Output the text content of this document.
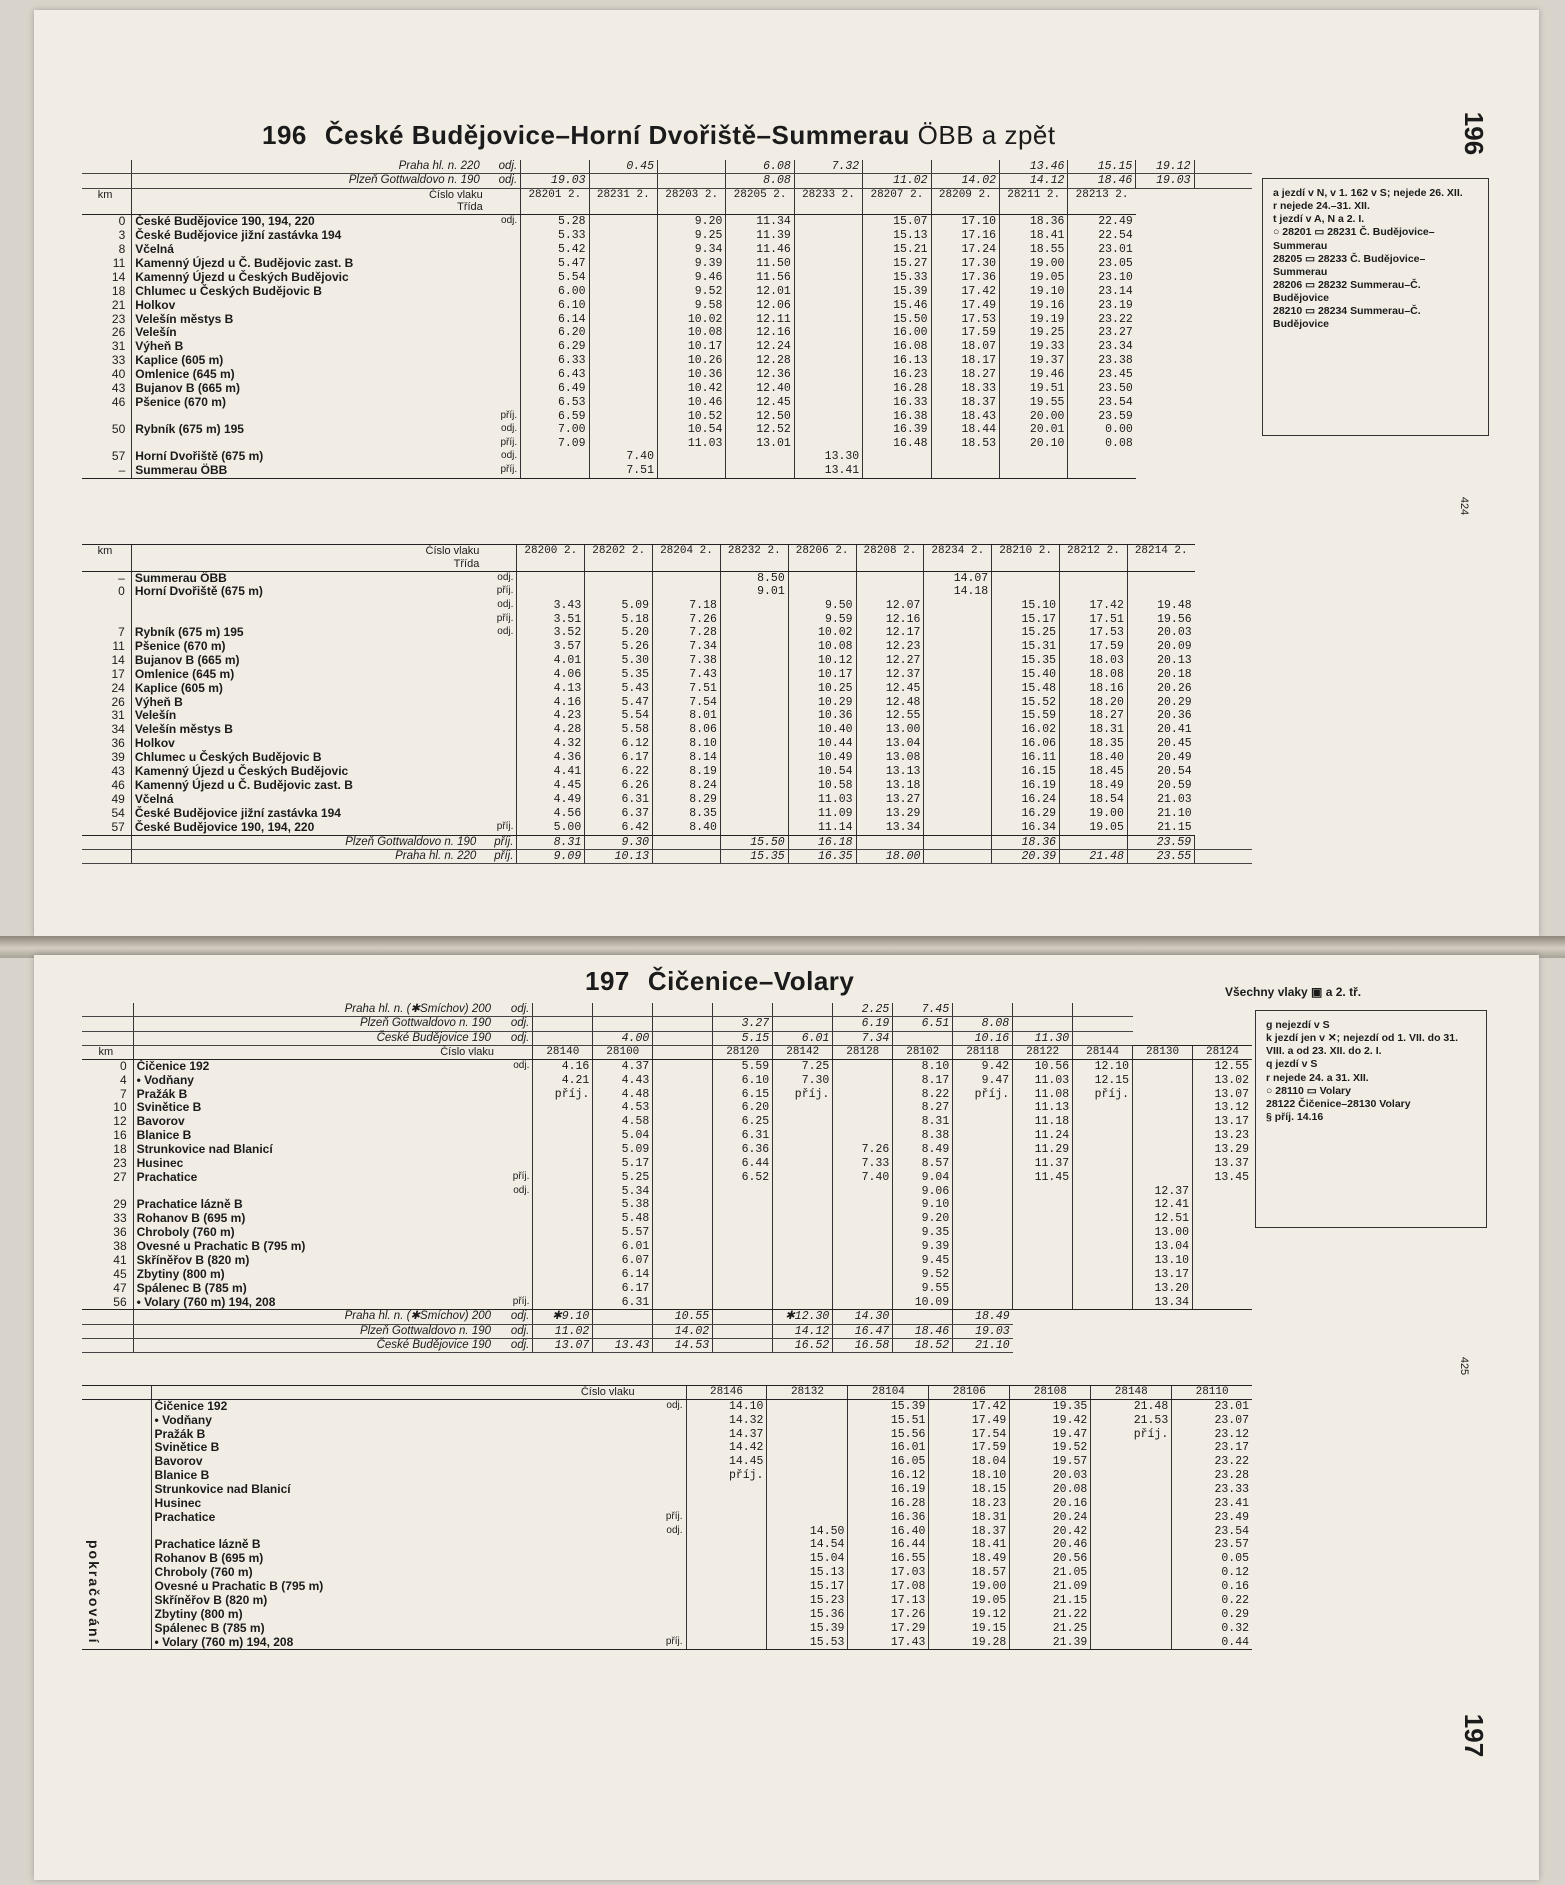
196 České Budějovice–Horní Dvořiště–Summerau ÖBB a zpět	196
424
	Praha hl. n. 220	odj.		0.45		6.08	7.32			13.46	15.15	19.12	
	Plzeň Gottwaldovo n. 190	odj.	19.03			8.08		11.02	14.02	14.12	18.46	19.03	
km	Číslo vlaku
Třída		28201 2.	28231 2.	28203 2.	28205 2.	28233 2.	28207 2.	28209 2.	28211 2.	28213 2.		
0	České Budějovice 190, 194, 220	odj.	5.28		9.20	11.34		15.07	17.10	18.36	22.49		
3	České Budějovice jižní zastávka 194		5.33		9.25	11.39		15.13	17.16	18.41	22.54		
8	Včelná		5.42		9.34	11.46		15.21	17.24	18.55	23.01		
11	Kamenný Újezd u Č. Budějovic zast. B		5.47		9.39	11.50		15.27	17.30	19.00	23.05		
14	Kamenný Újezd u Českých Budějovic		5.54		9.46	11.56		15.33	17.36	19.05	23.10		
18	Chlumec u Českých Budějovic B		6.00		9.52	12.01		15.39	17.42	19.10	23.14		
21	Holkov		6.10		9.58	12.06		15.46	17.49	19.16	23.19		
23	Velešín městys B		6.14		10.02	12.11		15.50	17.53	19.19	23.22		
26	Velešín		6.20		10.08	12.16		16.00	17.59	19.25	23.27		
31	Výheň B		6.29		10.17	12.24		16.08	18.07	19.33	23.34		
33	Kaplice (605 m)		6.33		10.26	12.28		16.13	18.17	19.37	23.38		
40	Omlenice (645 m)		6.43		10.36	12.36		16.23	18.27	19.46	23.45		
43	Bujanov B (665 m)		6.49		10.42	12.40		16.28	18.33	19.51	23.50		
46	Pšenice (670 m)		6.53		10.46	12.45		16.33	18.37	19.55	23.54		
		příj.	6.59		10.52	12.50		16.38	18.43	20.00	23.59		
50	Rybník (675 m) 195	odj.	7.00		10.54	12.52		16.39	18.44	20.01	0.00		
		příj.	7.09		11.03	13.01		16.48	18.53	20.10	0.08		
57	Horní Dvořiště (675 m)	odj.		7.40			13.30						
–	Summerau ÖBB	příj.		7.51			13.41						
km	Číslo vlaku
Třída		28200 2.	28202 2.	28204 2.	28232 2.	28206 2.	28208 2.	28234 2.	28210 2.	28212 2.	28214 2.	
–	Summerau ÖBB	odj.				8.50			14.07				
0	Horní Dvořiště (675 m)	příj.				9.01			14.18				
		odj.	3.43	5.09	7.18		9.50	12.07		15.10	17.42	19.48	
		příj.	3.51	5.18	7.26		9.59	12.16		15.17	17.51	19.56	
7	Rybník (675 m) 195	odj.	3.52	5.20	7.28		10.02	12.17		15.25	17.53	20.03	
11	Pšenice (670 m)		3.57	5.26	7.34		10.08	12.23		15.31	17.59	20.09	
14	Bujanov B (665 m)		4.01	5.30	7.38		10.12	12.27		15.35	18.03	20.13	
17	Omlenice (645 m)		4.06	5.35	7.43		10.17	12.37		15.40	18.08	20.18	
24	Kaplice (605 m)		4.13	5.43	7.51		10.25	12.45		15.48	18.16	20.26	
26	Výheň B		4.16	5.47	7.54		10.29	12.48		15.52	18.20	20.29	
31	Velešín		4.23	5.54	8.01		10.36	12.55		15.59	18.27	20.36	
34	Velešín městys B		4.28	5.58	8.06		10.40	13.00		16.02	18.31	20.41	
36	Holkov		4.32	6.12	8.10		10.44	13.04		16.06	18.35	20.45	
39	Chlumec u Českých Budějovic B		4.36	6.17	8.14		10.49	13.08		16.11	18.40	20.49	
43	Kamenný Újezd u Českých Budějovic		4.41	6.22	8.19		10.54	13.13		16.15	18.45	20.54	
46	Kamenný Újezd u Č. Budějovic zast. B		4.45	6.26	8.24		10.58	13.18		16.19	18.49	20.59	
49	Včelná		4.49	6.31	8.29		11.03	13.27		16.24	18.54	21.03	
54	České Budějovice jižní zastávka 194		4.56	6.37	8.35		11.09	13.29		16.29	19.00	21.10	
57	České Budějovice 190, 194, 220	příj.	5.00	6.42	8.40		11.14	13.34		16.34	19.05	21.15	
	Plzeň Gottwaldovo n. 190	příj.	8.31	9.30		15.50	16.18			18.36		23.59	
	Praha hl. n. 220	příj.	9.09	10.13		15.35	16.35	18.00		20.39	21.48	23.55	
a jezdí v N, v 1. 162 v S; nejede 26. XII.
r nejede 24.–31. XII.
t jezdí v A, N a 2. I.
○ 28201 ▭ 28231 Č. Budějovice–Summerau
28205 ▭ 28233 Č. Budějovice–Summerau
28206 ▭ 28232 Summerau–Č. Budějovice
28210 ▭ 28234 Summerau–Č. Budějovice
197 Čičenice–Volary	Všechny vlaky ▣ a 2. tř.
425
197
pokračování
	Praha hl. n. (✱Smíchov) 200	odj.						2.25	7.45					
	Plzeň Gottwaldovo n. 190	odj.				3.27		6.19	6.51	8.08				
	České Budějovice 190	odj.		4.00		5.15	6.01	7.34		10.16	11.30			
km	Číslo vlaku		28140	28100		28120	28142	28128	28102	28118	28122	28144	28130	28124
0	Čičenice 192	odj.	4.16	4.37		5.59	7.25		8.10	9.42	10.56	12.10		12.55
4	• Vodňany		4.21	4.43		6.10	7.30		8.17	9.47	11.03	12.15		13.02
7	Pražák B		příj.	4.48		6.15	příj.		8.22	příj.	11.08	příj.		13.07
10	Svinětice B			4.53		6.20			8.27		11.13			13.12
12	Bavorov			4.58		6.25			8.31		11.18			13.17
16	Blanice B			5.04		6.31			8.38		11.24			13.23
18	Strunkovice nad Blanicí			5.09		6.36		7.26	8.49		11.29			13.29
23	Husinec			5.17		6.44		7.33	8.57		11.37			13.37
27	Prachatice	příj.		5.25		6.52		7.40	9.04		11.45			13.45
		odj.		5.34					9.06				12.37	
29	Prachatice lázně B			5.38					9.10				12.41	
33	Rohanov B (695 m)			5.48					9.20				12.51	
36	Chroboly (760 m)			5.57					9.35				13.00	
38	Ovesné u Prachatic B (795 m)			6.01					9.39				13.04	
41	Skříněřov B (820 m)			6.07					9.45				13.10	
45	Zbytiny (800 m)			6.14					9.52				13.17	
47	Spálenec B (785 m)			6.17					9.55				13.20	
56	• Volary (760 m) 194, 208	příj.		6.31					10.09				13.34	
	Praha hl. n. (✱Smíchov) 200	odj.	✱9.10		10.55		✱12.30	14.30		18.49				
	Plzeň Gottwaldovo n. 190	odj.	11.02		14.02		14.12	16.47	18.46	19.03				
	České Budějovice 190	odj.	13.07	13.43	14.53		16.52	16.58	18.52	21.10				
	Číslo vlaku		28146	28132	28104	28106	28108	28148	28110
	Čičenice 192	odj.	14.10		15.39	17.42	19.35	21.48	23.01
	• Vodňany		14.32		15.51	17.49	19.42	21.53	23.07
	Pražák B		14.37		15.56	17.54	19.47	příj.	23.12
	Svinětice B		14.42		16.01	17.59	19.52		23.17
	Bavorov		14.45		16.05	18.04	19.57		23.22
	Blanice B		příj.		16.12	18.10	20.03		23.28
	Strunkovice nad Blanicí				16.19	18.15	20.08		23.33
	Husinec				16.28	18.23	20.16		23.41
	Prachatice	příj.			16.36	18.31	20.24		23.49
		odj.		14.50	16.40	18.37	20.42		23.54
	Prachatice lázně B			14.54	16.44	18.41	20.46		23.57
	Rohanov B (695 m)			15.04	16.55	18.49	20.56		0.05
	Chroboly (760 m)			15.13	17.03	18.57	21.05		0.12
	Ovesné u Prachatic B (795 m)			15.17	17.08	19.00	21.09		0.16
	Skříněřov B (820 m)			15.23	17.13	19.05	21.15		0.22
	Zbytiny (800 m)			15.36	17.26	19.12	21.22		0.29
	Spálenec B (785 m)			15.39	17.29	19.15	21.25		0.32
	• Volary (760 m) 194, 208	příj.		15.53	17.43	19.28	21.39		0.44
g nejezdí v S
k jezdí jen v ✕; nejezdí od 1. VII. do 31. VIII. a od 23. XII. do 2. I.
q jezdí v S
r nejede 24. a 31. XII.
○ 28110 ▭ Volary
28122 Čičenice–28130 Volary
§ příj. 14.16
